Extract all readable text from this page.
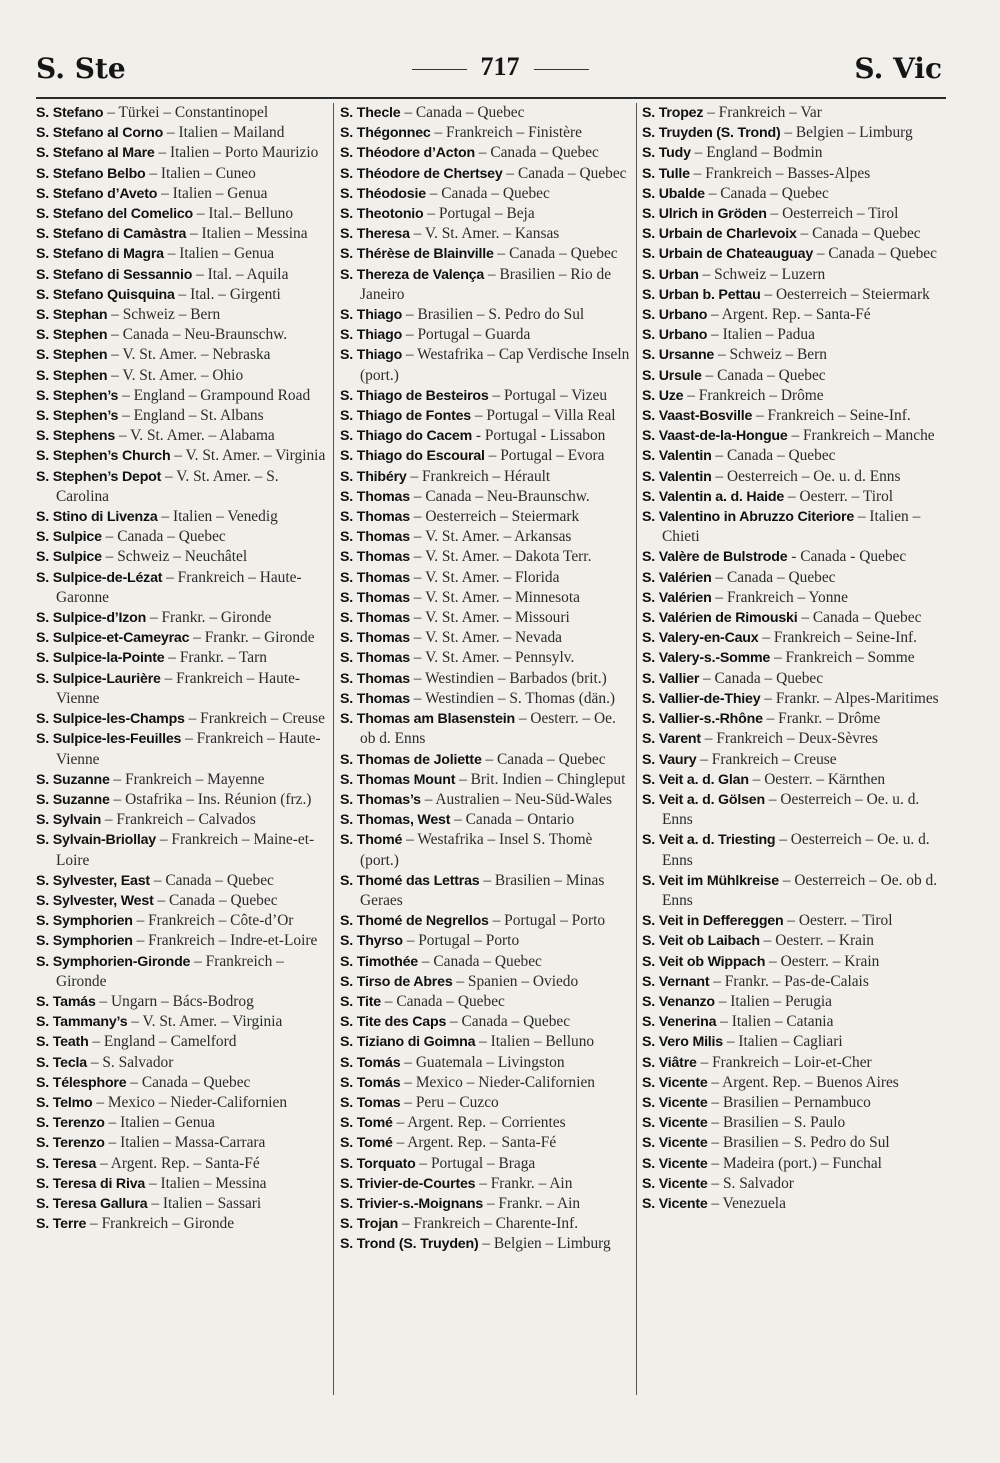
S. Ste	717	S. Vic

S. Stefano – Türkei – Constantinopel

S. Stefano al Corno – Italien – Mailand

S. Stefano al Mare – Italien – Porto Maurizio

S. Stefano Belbo – Italien – Cuneo

S. Stefano d’Aveto – Italien – Genua

S. Stefano del Comelico – Ital.– Belluno

S. Stefano di Camàstra – Italien – Messina

S. Stefano di Magra – Italien – Genua

S. Stefano di Sessannio – Ital. – Aquila

S. Stefano Quisquina – Ital. – Girgenti

S. Stephan – Schweiz – Bern

S. Stephen – Canada – Neu-Braunschw.

S. Stephen – V. St. Amer. – Nebraska

S. Stephen – V. St. Amer. – Ohio

S. Stephen’s – England – Grampound Road

S. Stephen’s – England – St. Albans

S. Stephens – V. St. Amer. – Alabama

S. Stephen’s Church – V. St. Amer. – Virginia

S. Stephen’s Depot – V. St. Amer. – S. Carolina

S. Stino di Livenza – Italien – Venedig

S. Sulpice – Canada – Quebec

S. Sulpice – Schweiz – Neuchâtel

S. Sulpice-de-Lézat – Frankreich – Haute-Garonne

S. Sulpice-d’Izon – Frankr. – Gironde

S. Sulpice-et-Cameyrac – Frankr. – Gironde

S. Sulpice-la-Pointe – Frankr. – Tarn

S. Sulpice-Laurière – Frankreich – Haute-Vienne

S. Sulpice-les-Champs – Frankreich – Creuse

S. Sulpice-les-Feuilles – Frankreich – Haute-Vienne

S. Suzanne – Frankreich – Mayenne

S. Suzanne – Ostafrika – Ins. Réunion (frz.)

S. Sylvain – Frankreich – Calvados

S. Sylvain-Briollay – Frankreich – Maine-et-Loire

S. Sylvester, East – Canada – Quebec

S. Sylvester, West – Canada – Quebec

S. Symphorien – Frankreich – Côte-d’Or

S. Symphorien – Frankreich – Indre-et-Loire

S. Symphorien-Gironde – Frankreich – Gironde

S. Tamás – Ungarn – Bács-Bodrog

S. Tammany’s – V. St. Amer. – Virginia

S. Teath – England – Camelford

S. Tecla – S. Salvador

S. Télesphore – Canada – Quebec

S. Telmo – Mexico – Nieder-Californien

S. Terenzo – Italien – Genua

S. Terenzo – Italien – Massa-Carrara

S. Teresa – Argent. Rep. – Santa-Fé

S. Teresa di Riva – Italien – Messina

S. Teresa Gallura – Italien – Sassari

S. Terre – Frankreich – Gironde

S. Thecle – Canada – Quebec

S. Thégonnec – Frankreich – Finistère

S. Théodore d’Acton – Canada – Quebec

S. Théodore de Chertsey – Canada – Quebec

S. Théodosie – Canada – Quebec

S. Theotonio – Portugal – Beja

S. Theresa – V. St. Amer. – Kansas

S. Thérèse de Blainville – Canada – Quebec

S. Thereza de Valença – Brasilien – Rio de Janeiro

S. Thiago – Brasilien – S. Pedro do Sul

S. Thiago – Portugal – Guarda

S. Thiago – Westafrika – Cap Verdische Inseln (port.)

S. Thiago de Besteiros – Portugal – Vizeu

S. Thiago de Fontes – Portugal – Villa Real

S. Thiago do Cacem - Portugal - Lissabon

S. Thiago do Escoural – Portugal – Evora

S. Thibéry – Frankreich – Hérault

S. Thomas – Canada – Neu-Braunschw.

S. Thomas – Oesterreich – Steiermark

S. Thomas – V. St. Amer. – Arkansas

S. Thomas – V. St. Amer. – Dakota Terr.

S. Thomas – V. St. Amer. – Florida

S. Thomas – V. St. Amer. – Minnesota

S. Thomas – V. St. Amer. – Missouri

S. Thomas – V. St. Amer. – Nevada

S. Thomas – V. St. Amer. – Pennsylv.

S. Thomas – Westindien – Barbados (brit.)

S. Thomas – Westindien – S. Thomas (dän.)

S. Thomas am Blasenstein – Oesterr. – Oe. ob d. Enns

S. Thomas de Joliette – Canada – Quebec

S. Thomas Mount – Brit. Indien – Chingleput

S. Thomas’s – Australien – Neu-Süd-Wales

S. Thomas, West – Canada – Ontario

S. Thomé – Westafrika – Insel S. Thomè (port.)

S. Thomé das Lettras – Brasilien – Minas Geraes

S. Thomé de Negrellos – Portugal – Porto

S. Thyrso – Portugal – Porto

S. Timothée – Canada – Quebec

S. Tirso de Abres – Spanien – Oviedo

S. Tite – Canada – Quebec

S. Tite des Caps – Canada – Quebec

S. Tiziano di Goimna – Italien – Belluno

S. Tomás – Guatemala – Livingston

S. Tomás – Mexico – Nieder-Californien

S. Tomas – Peru – Cuzco

S. Tomé – Argent. Rep. – Corrientes

S. Tomé – Argent. Rep. – Santa-Fé

S. Torquato – Portugal – Braga

S. Trivier-de-Courtes – Frankr. – Ain

S. Trivier-s.-Moignans – Frankr. – Ain

S. Trojan – Frankreich – Charente-Inf.

S. Trond (S. Truyden) – Belgien – Limburg

S. Tropez – Frankreich – Var

S. Truyden (S. Trond) – Belgien – Limburg

S. Tudy – England – Bodmin

S. Tulle – Frankreich – Basses-Alpes

S. Ubalde – Canada – Quebec

S. Ulrich in Gröden – Oesterreich – Tirol

S. Urbain de Charlevoix – Canada – Quebec

S. Urbain de Chateauguay – Canada – Quebec

S. Urban – Schweiz – Luzern

S. Urban b. Pettau – Oesterreich – Steiermark

S. Urbano – Argent. Rep. – Santa-Fé

S. Urbano – Italien – Padua

S. Ursanne – Schweiz – Bern

S. Ursule – Canada – Quebec

S. Uze – Frankreich – Drôme

S. Vaast-Bosville – Frankreich – Seine-Inf.

S. Vaast-de-la-Hongue – Frankreich – Manche

S. Valentin – Canada – Quebec

S. Valentin – Oesterreich – Oe. u. d. Enns

S. Valentin a. d. Haide – Oesterr. – Tirol

S. Valentino in Abruzzo Citeriore – Italien – Chieti

S. Valère de Bulstrode - Canada - Quebec

S. Valérien – Canada – Quebec

S. Valérien – Frankreich – Yonne

S. Valérien de Rimouski – Canada – Quebec

S. Valery-en-Caux – Frankreich – Seine-Inf.

S. Valery-s.-Somme – Frankreich – Somme

S. Vallier – Canada – Quebec

S. Vallier-de-Thiey – Frankr. – Alpes-Maritimes

S. Vallier-s.-Rhône – Frankr. – Drôme

S. Varent – Frankreich – Deux-Sèvres

S. Vaury – Frankreich – Creuse

S. Veit a. d. Glan – Oesterr. – Kärnthen

S. Veit a. d. Gölsen – Oesterreich – Oe. u. d. Enns

S. Veit a. d. Triesting – Oesterreich – Oe. u. d. Enns

S. Veit im Mühlkreise – Oesterreich – Oe. ob d. Enns

S. Veit in Deffereggen – Oesterr. – Tirol

S. Veit ob Laibach – Oesterr. – Krain

S. Veit ob Wippach – Oesterr. – Krain

S. Vernant – Frankr. – Pas-de-Calais

S. Venanzo – Italien – Perugia

S. Venerina – Italien – Catania

S. Vero Milis – Italien – Cagliari

S. Viâtre – Frankreich – Loir-et-Cher

S. Vicente – Argent. Rep. – Buenos Aires

S. Vicente – Brasilien – Pernambuco

S. Vicente – Brasilien – S. Paulo

S. Vicente – Brasilien – S. Pedro do Sul

S. Vicente – Madeira (port.) – Funchal

S. Vicente – S. Salvador

S. Vicente – Venezuela
